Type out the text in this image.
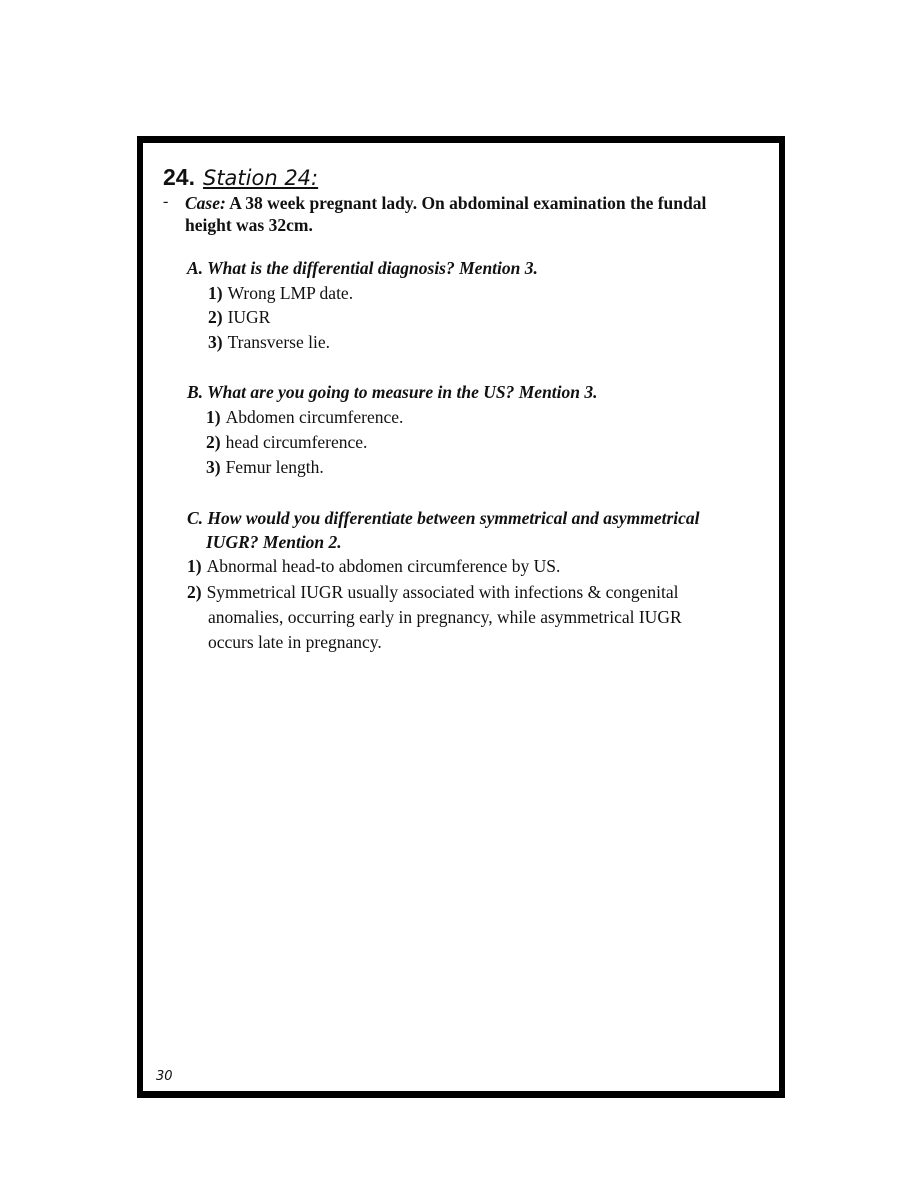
24. Station 24:
- Case: A 38 week pregnant lady. On abdominal examination the fundal
height was 32cm.
A. What is the differential diagnosis? Mention 3.
1) Wrong LMP date.
2) IUGR
3) Transverse lie.
B. What are you going to measure in the US? Mention 3.
1) Abdomen circumference.
2) head circumference.
3) Femur length.
C. How would you differentiate between symmetrical and asymmetrical
IUGR? Mention 2.
1) Abnormal head-to abdomen circumference by US.
2) Symmetrical IUGR usually associated with infections & congenital
anomalies, occurring early in pregnancy, while asymmetrical IUGR
occurs late in pregnancy.
30
